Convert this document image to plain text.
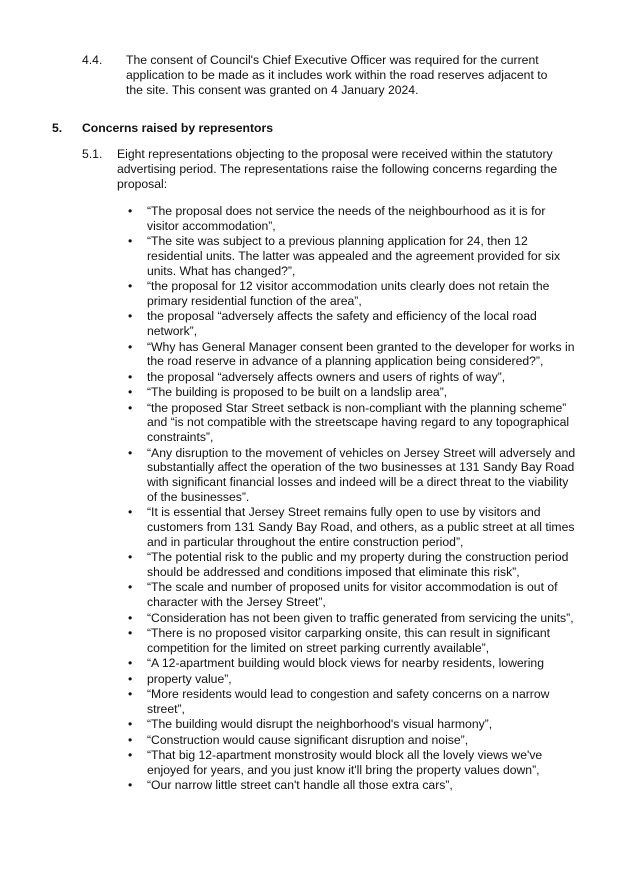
4.4. The consent of Council's Chief Executive Officer was required for the current application to be made as it includes work within the road reserves adjacent to the site. This consent was granted on 4 January 2024.
5. Concerns raised by representors
5.1. Eight representations objecting to the proposal were received within the statutory advertising period. The representations raise the following concerns regarding the proposal:
• “The proposal does not service the needs of the neighbourhood as it is for visitor accommodation”,
• “The site was subject to a previous planning application for 24, then 12 residential units. The latter was appealed and the agreement provided for six units. What has changed?”,
• “the proposal for 12 visitor accommodation units clearly does not retain the primary residential function of the area”,
• the proposal “adversely affects the safety and efficiency of the local road network”,
• “Why has General Manager consent been granted to the developer for works in the road reserve in advance of a planning application being considered?”,
• the proposal “adversely affects owners and users of rights of way”,
• “The building is proposed to be built on a landslip area”,
• “the proposed Star Street setback is non-compliant with the planning scheme” and “is not compatible with the streetscape having regard to any topographical constraints”,
• “Any disruption to the movement of vehicles on Jersey Street will adversely and substantially affect the operation of the two businesses at 131 Sandy Bay Road with significant financial losses and indeed will be a direct threat to the viability of the businesses”.
• “It is essential that Jersey Street remains fully open to use by visitors and customers from 131 Sandy Bay Road, and others, as a public street at all times and in particular throughout the entire construction period”,
• “The potential risk to the public and my property during the construction period should be addressed and conditions imposed that eliminate this risk”,
• “The scale and number of proposed units for visitor accommodation is out of character with the Jersey Street”,
• “Consideration has not been given to traffic generated from servicing the units”,
• “There is no proposed visitor carparking onsite, this can result in significant competition for the limited on street parking currently available”,
• “A 12-apartment building would block views for nearby residents, lowering
• property value”,
• “More residents would lead to congestion and safety concerns on a narrow street”,
• “The building would disrupt the neighborhood's visual harmony”,
• “Construction would cause significant disruption and noise”,
• “That big 12-apartment monstrosity would block all the lovely views we've enjoyed for years, and you just know it'll bring the property values down”,
• “Our narrow little street can't handle all those extra cars”,
